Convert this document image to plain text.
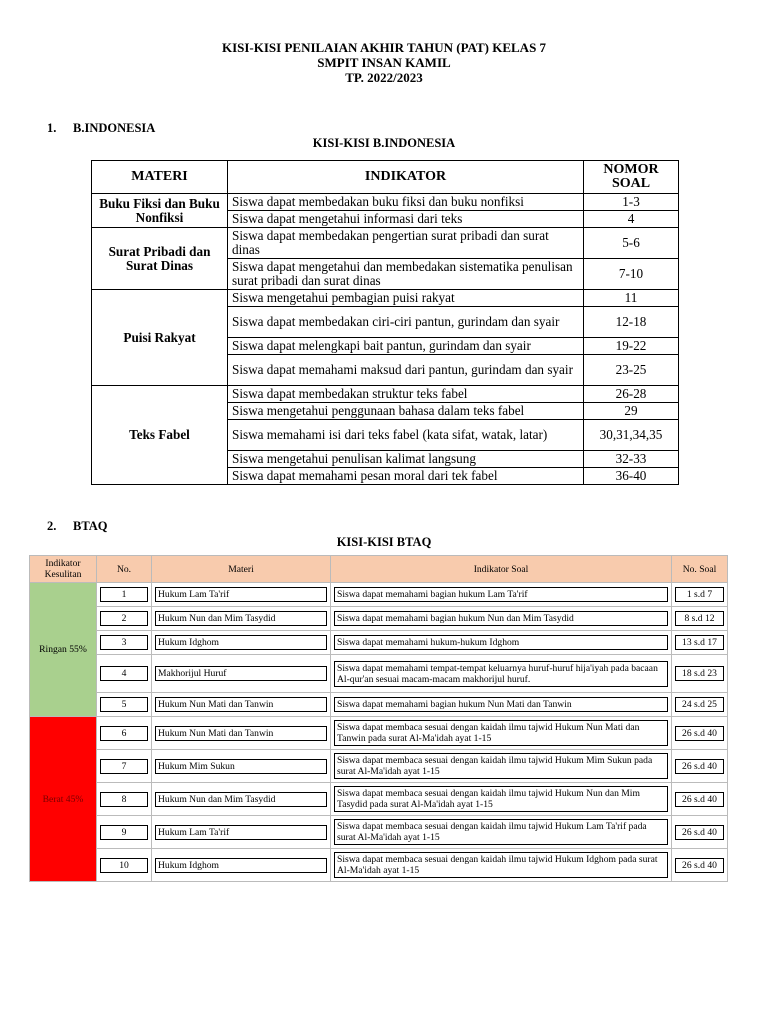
KISI-KISI PENILAIAN AKHIR TAHUN (PAT) KELAS 7
SMPIT INSAN KAMIL
TP. 2022/2023
1. B.INDONESIA
KISI-KISI B.INDONESIA
MATERI	INDIKATOR	NOMOR SOAL
Buku Fiksi dan Buku Nonfiksi	Siswa dapat membedakan buku fiksi dan buku nonfiksi	1-3
	Siswa dapat mengetahui informasi dari teks	4
Surat Pribadi dan Surat Dinas	Siswa dapat membedakan pengertian surat pribadi dan surat dinas	5-6
	Siswa dapat mengetahui dan membedakan sistematika penulisan surat pribadi dan surat dinas	7-10
Puisi Rakyat	Siswa mengetahui pembagian puisi rakyat	11
	Siswa dapat membedakan ciri-ciri pantun, gurindam dan syair	12-18
	Siswa dapat melengkapi bait pantun, gurindam dan syair	19-22
	Siswa dapat memahami maksud dari pantun, gurindam dan syair	23-25
Teks Fabel	Siswa dapat membedakan struktur teks fabel	26-28
	Siswa mengetahui penggunaan bahasa dalam teks fabel	29
	Siswa memahami isi dari teks fabel (kata sifat, watak, latar)	30,31,34,35
	Siswa mengetahui penulisan kalimat langsung	32-33
	Siswa dapat memahami pesan moral dari tek fabel	36-40
2. BTAQ
KISI-KISI BTAQ
Indikator Kesulitan	No.	Materi	Indikator Soal	No. Soal
Ringan 55%	1	Hukum Lam Ta'rif	Siswa dapat memahami bagian hukum Lam Ta'rif	1 s.d 7

	2	Hukum Nun dan Mim Tasydid	Siswa dapat memahami bagian hukum Nun dan Mim Tasydid	8 s.d 12

	3	Hukum Idghom	Siswa dapat memahami hukum-hukum Idghom	13 s.d 17

	4	Makhorijul Huruf	Siswa dapat memahami tempat-tempat keluarnya huruf-huruf hija'iyah pada bacaan Al-qur'an sesuai macam-macam makhorijul huruf.	18 s.d 23

	5	Hukum Nun Mati dan Tanwin	Siswa dapat memahami bagian hukum Nun Mati dan Tanwin	24 s.d 25

Berat 45%	6	Hukum Nun Mati dan Tanwin	Siswa dapat membaca sesuai dengan kaidah ilmu tajwid Hukum Nun Mati dan Tanwin pada surat Al-Ma'idah ayat 1-15	26 s.d 40

	7	Hukum Mim Sukun	Siswa dapat membaca sesuai dengan kaidah ilmu tajwid Hukum Mim Sukun pada surat Al-Ma'idah ayat 1-15	26 s.d 40

	8	Hukum Nun dan Mim Tasydid	Siswa dapat membaca sesuai dengan kaidah ilmu tajwid Hukum Nun dan Mim Tasydid pada surat Al-Ma'idah ayat 1-15	26 s.d 40

	9	Hukum Lam Ta'rif	Siswa dapat membaca sesuai dengan kaidah ilmu tajwid Hukum Lam Ta'rif pada surat Al-Ma'idah ayat 1-15	26 s.d 40

	10	Hukum Idghom	Siswa dapat membaca sesuai dengan kaidah ilmu tajwid Hukum Idghom pada surat Al-Ma'idah ayat 1-15	26 s.d 40
